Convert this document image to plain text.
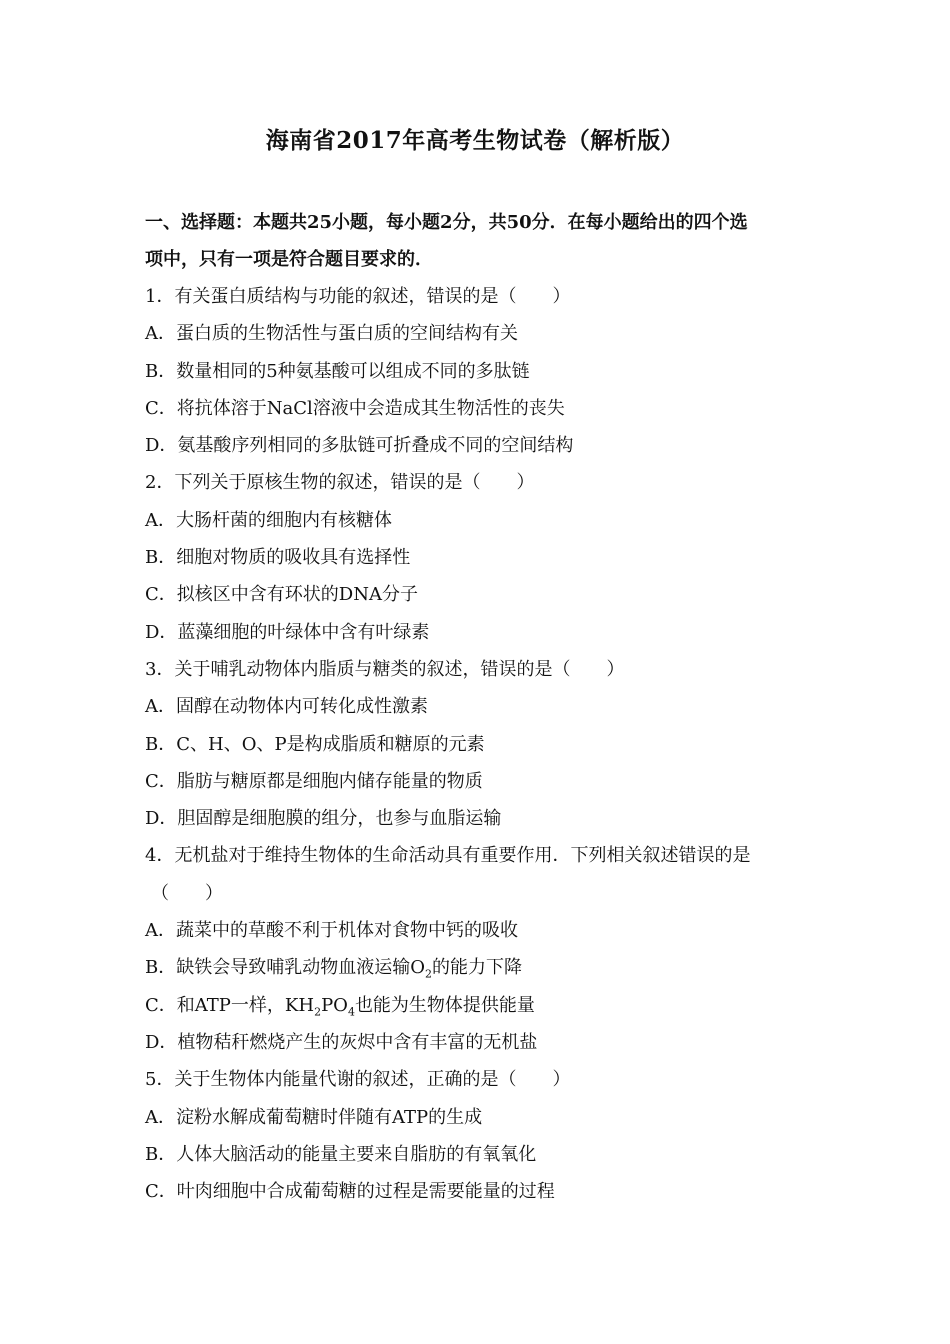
海南省2017年高考生物试卷（解析版）

一、选择题：本题共25小题，每小题2分，共50分．在每小题给出的四个选

项中，只有一项是符合题目要求的．

1．有关蛋白质结构与功能的叙述，错误的是（　　）

A．蛋白质的生物活性与蛋白质的空间结构有关

B．数量相同的5种氨基酸可以组成不同的多肽链

C．将抗体溶于NaCl溶液中会造成其生物活性的丧失

D．氨基酸序列相同的多肽链可折叠成不同的空间结构

2．下列关于原核生物的叙述，错误的是（　　）

A．大肠杆菌的细胞内有核糖体

B．细胞对物质的吸收具有选择性

C．拟核区中含有环状的DNA分子

D．蓝藻细胞的叶绿体中含有叶绿素

3．关于哺乳动物体内脂质与糖类的叙述，错误的是（　　）

A．固醇在动物体内可转化成性激素

B．C、H、O、P是构成脂质和糖原的元素

C．脂肪与糖原都是细胞内储存能量的物质

D．胆固醇是细胞膜的组分，也参与血脂运输

4．无机盐对于维持生物体的生命活动具有重要作用．下列相关叙述错误的是

（　　）

A．蔬菜中的草酸不利于机体对食物中钙的吸收

B．缺铁会导致哺乳动物血液运输$O_2$的能力下降

C．和ATP一样，$KH_2PO_4$也能为生物体提供能量

D．植物秸秆燃烧产生的灰烬中含有丰富的无机盐

5．关于生物体内能量代谢的叙述，正确的是（　　）

A．淀粉水解成葡萄糖时伴随有ATP的生成

B．人体大脑活动的能量主要来自脂肪的有氧氧化

C．叶肉细胞中合成葡萄糖的过程是需要能量的过程
